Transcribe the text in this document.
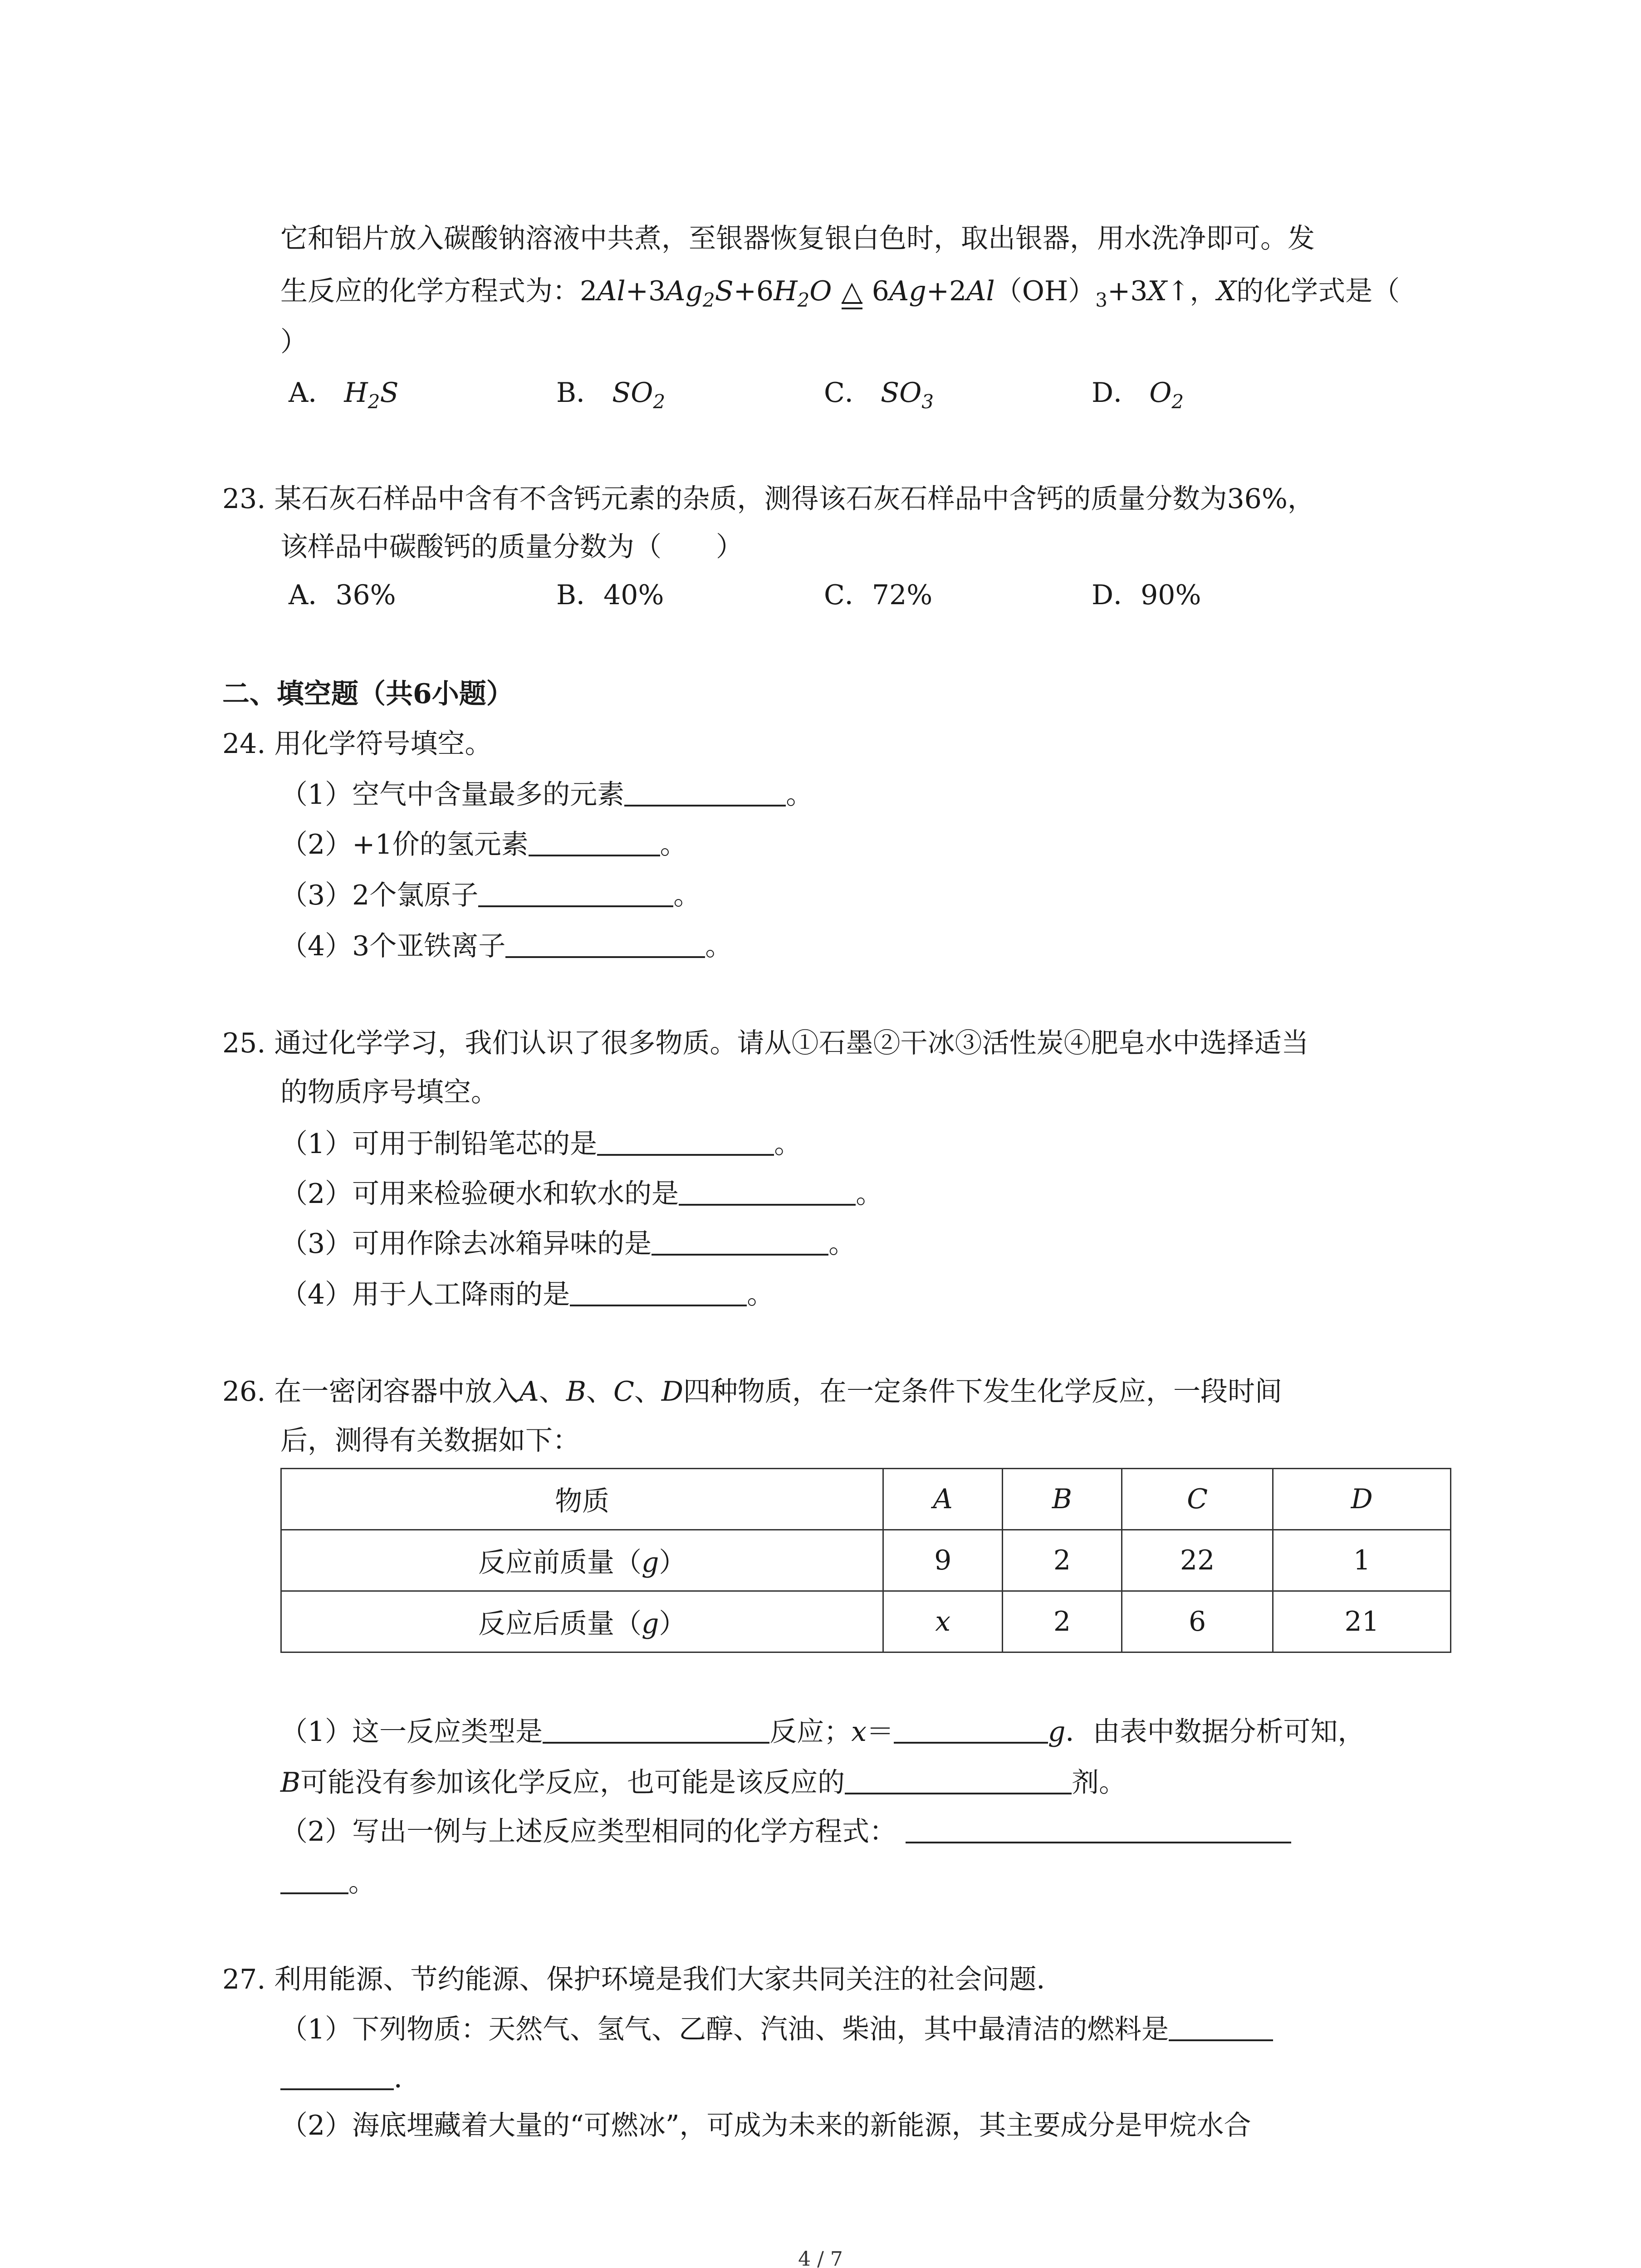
它和铝片放入碳酸钠溶液中共煮，至银器恢复银白色时，取出银器，用水洗净即可。发
生反应的化学方程式为：$2Al+3Ag_2S+6H_2O$ △ $6Ag+2Al(OH)_3+3X↑$，X的化学式是（
）
A． $H_2S$	B． $SO_2$	C． $SO_3$	D． $O_2$
23. 某石灰石样品中含有不含钙元素的杂质，测得该石灰石样品中含钙的质量分数为36%，
该样品中碳酸钙的质量分数为（　　）
A．36%	B．40%	C．72%	D．90%
二、填空题（共6小题）
24. 用化学符号填空。
（1）空气中含量最多的元素	。
（2）+1价的氢元素	。
（3）2个氯原子	。
（4）3个亚铁离子	。
25. 通过化学学习，我们认识了很多物质。请从①石墨②干冰③活性炭④肥皂水中选择适当
的物质序号填空。
（1）可用于制铅笔芯的是	。
（2）可用来检验硬水和软水的是	。
（3）可用作除去冰箱异味的是	。
（4）用于人工降雨的是	。
26. 在一密闭容器中放入A、B、C、D四种物质，在一定条件下发生化学反应，一段时间
后，测得有关数据如下：
物质	A	B	C	D
反应前质量（g）	9	2	22	1
反应后质量（g）	x	2	6	21
（1）这一反应类型是	反应；x＝	g．由表中数据分析可知，
B可能没有参加该化学反应，也可能是该反应的	剂。
（2）写出一例与上述反应类型相同的化学方程式：
。
27. 利用能源、节约能源、保护环境是我们大家共同关注的社会问题．
（1）下列物质：天然气、氢气、乙醇、汽油、柴油，其中最清洁的燃料是
．
（2）海底埋藏着大量的“可燃冰”，可成为未来的新能源，其主要成分是甲烷水合
4 / 7
